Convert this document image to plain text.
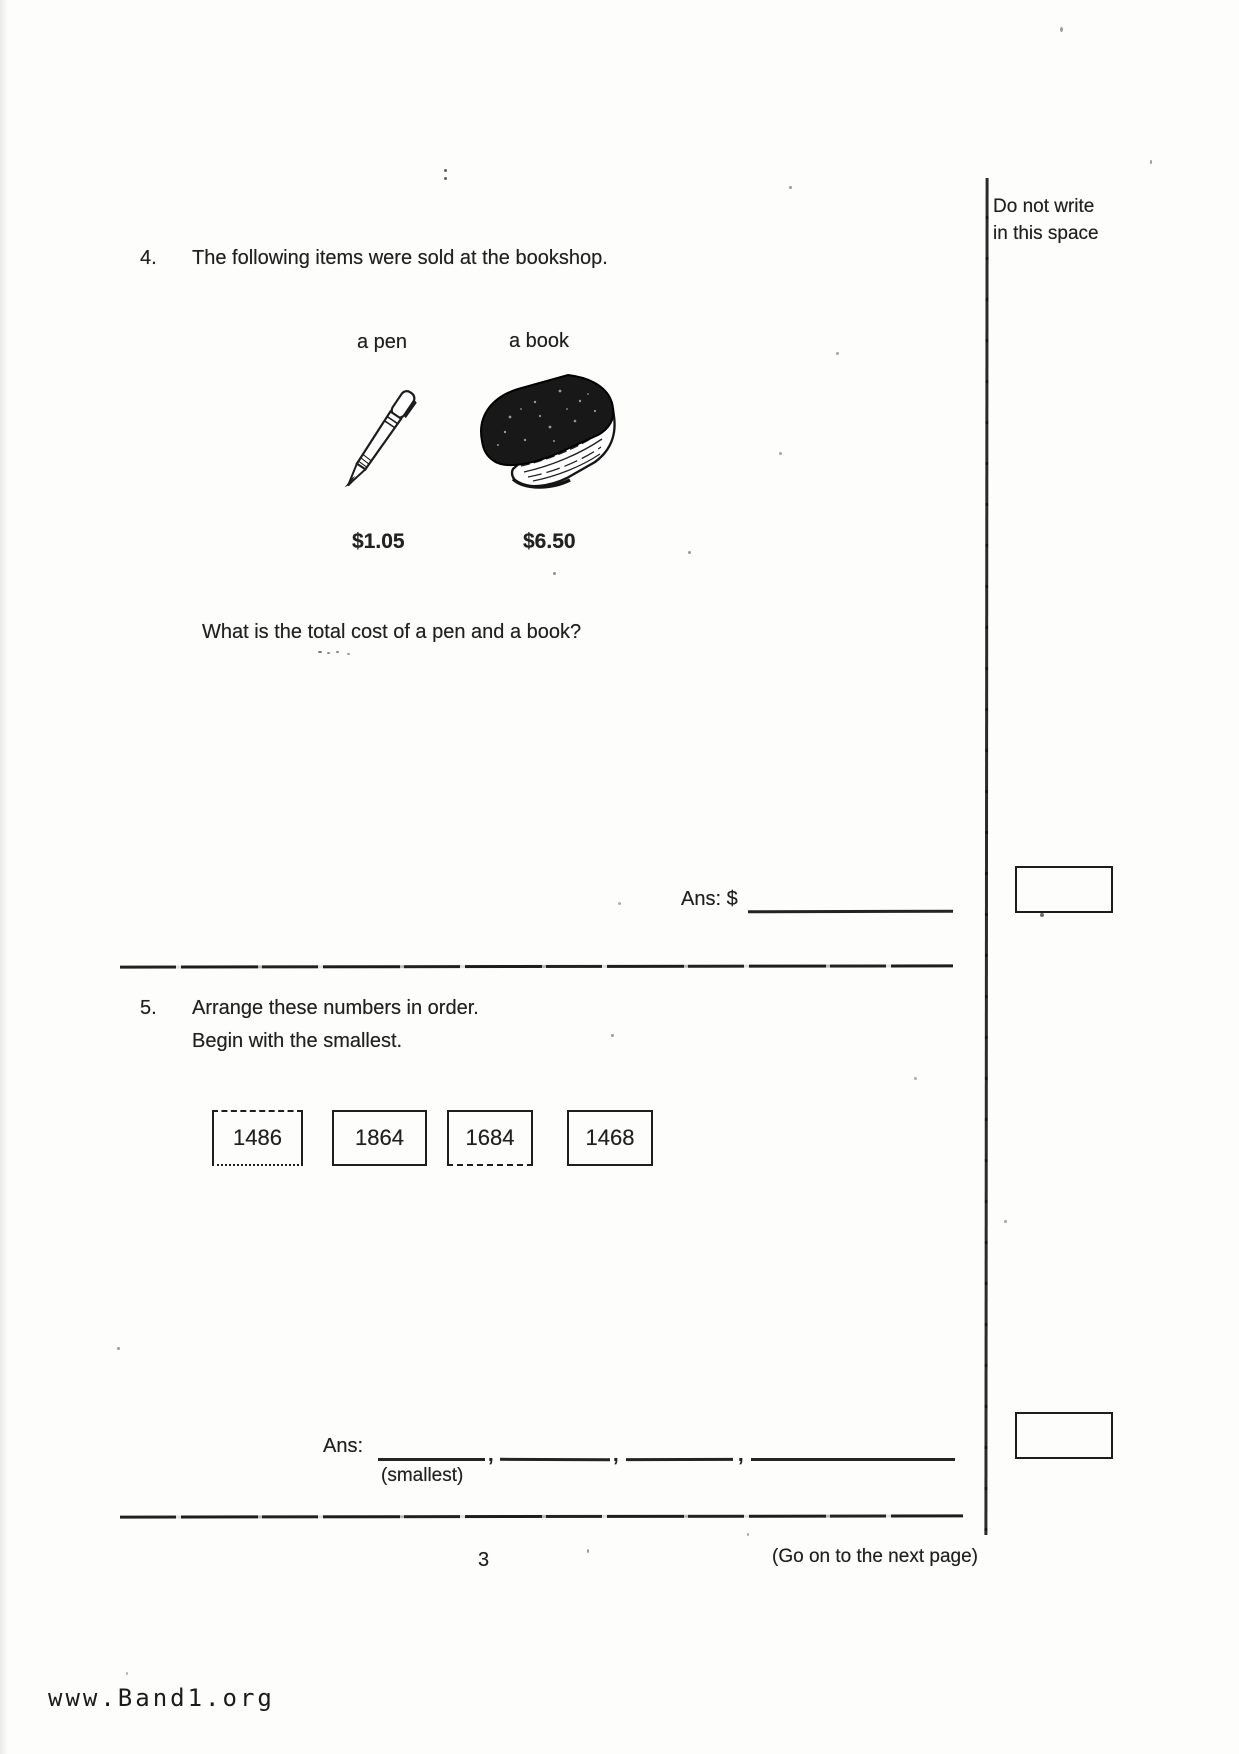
Do not write
in this space
4. The following items were sold at the bookshop.
a pen	a book
$1.05	$6.50
What is the total cost of a pen and a book?
Ans: $
5. Arrange these numbers in order.
Begin with the smallest.
1486	1864	1684	1468
Ans:	,	,	,
(smallest)
3	(Go on to the next page)
www.Band1.org
